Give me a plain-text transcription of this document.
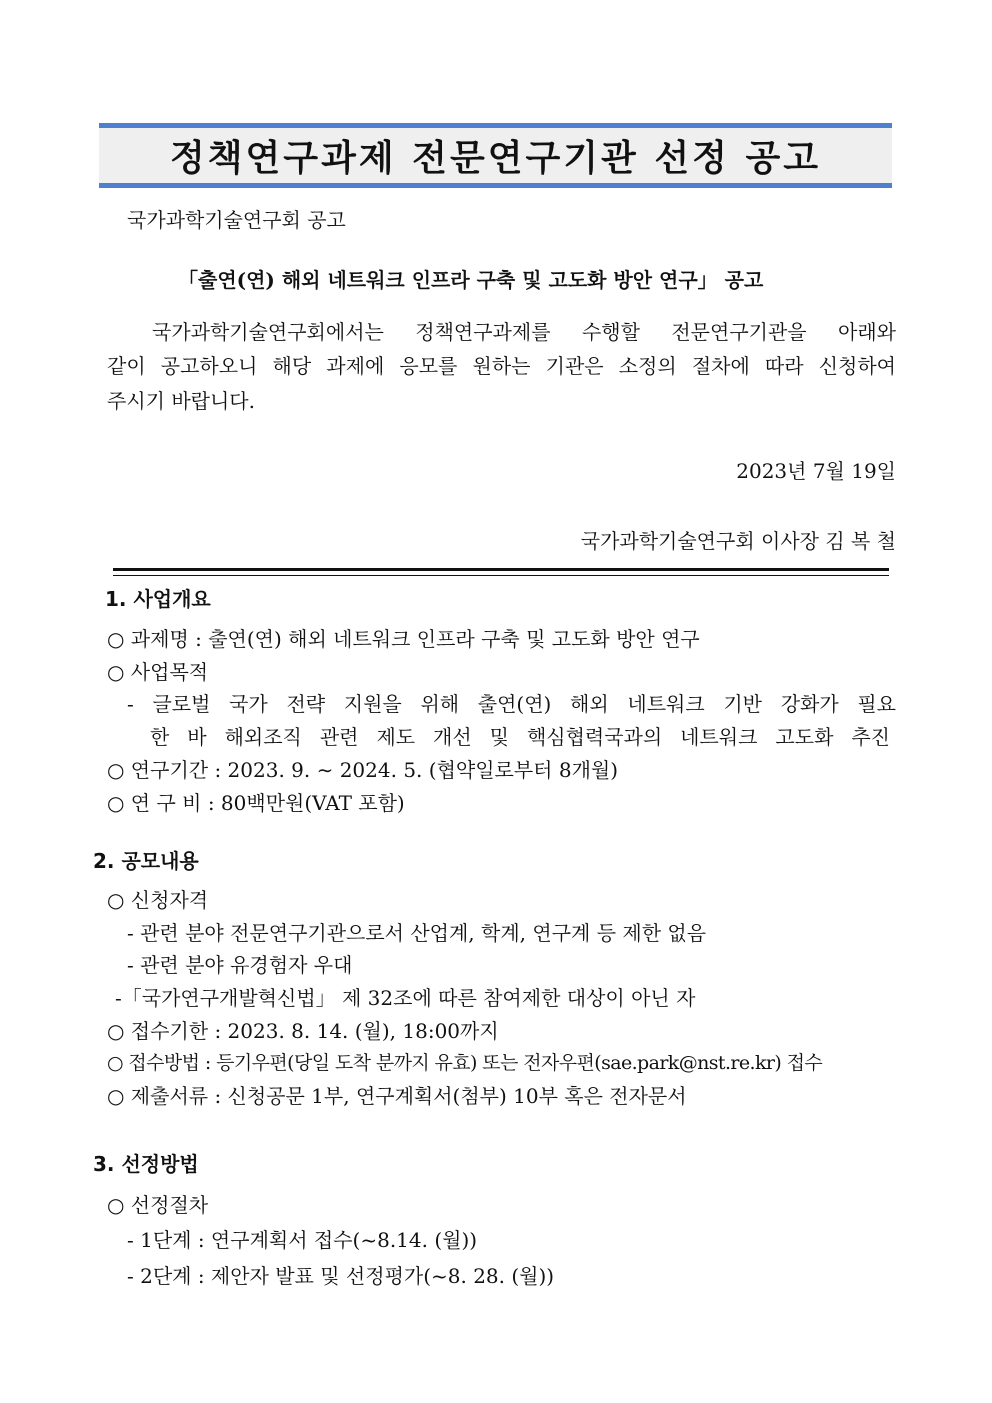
정책연구과제 전문연구기관 선정 공고
국가과학기술연구회 공고
「출연(연) 해외 네트워크 인프라 구축 및 고도화 방안 연구」 공고
국가과학기술연구회에서는 정책연구과제를 수행할 전문연구기관을 아래와
같이 공고하오니 해당 과제에 응모를 원하는 기관은 소정의 절차에 따라 신청하여
주시기 바랍니다.
2023년 7월 19일
국가과학기술연구회 이사장 김 복 철
1. 사업개요
○ 과제명 : 출연(연) 해외 네트워크 인프라 구축 및 고도화 방안 연구
○ 사업목적
- 글로벌 국가 전략 지원을 위해 출연(연) 해외 네트워크 기반 강화가 필요
한 바 해외조직 관련 제도 개선 및 핵심협력국과의 네트워크 고도화 추진
○ 연구기간 : 2023. 9. ∼ 2024. 5. (협약일로부터 8개월)
○ 연 구 비 : 80백만원(VAT 포함)
2. 공모내용
○ 신청자격
- 관련 분야 전문연구기관으로서 산업계, 학계, 연구계 등 제한 없음
- 관련 분야 유경험자 우대
-「국가연구개발혁신법」 제 32조에 따른 참여제한 대상이 아닌 자
○ 접수기한 : 2023. 8. 14. (월), 18:00까지
○ 접수방법 : 등기우편(당일 도착 분까지 유효) 또는 전자우편(sae.park@nst.re.kr) 접수
○ 제출서류 : 신청공문 1부, 연구계획서(첨부) 10부 혹은 전자문서
3. 선정방법
○ 선정절차
- 1단계 : 연구계획서 접수(~8.14. (월))
- 2단계 : 제안자 발표 및 선정평가(~8. 28. (월))
